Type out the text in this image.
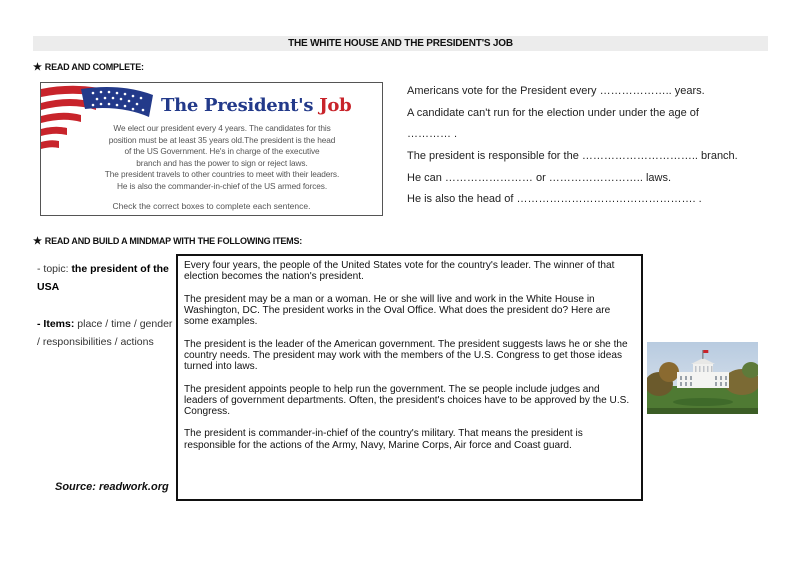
THE WHITE HOUSE AND THE PRESIDENT'S JOB
★ READ AND COMPLETE:
The President's Job
We elect our president every 4 years. The candidates for this
position must be at least 35 years old.The president is the head
of the US Government. He's in charge of the executive
branch and has the power to sign or reject laws.
The president travels to other countries to meet with their leaders.
He is also the commander-in-chief of the US armed forces.
Check the correct boxes to complete each sentence.
Americans vote for the President every ……………….. years.
A candidate can't run for the election under under the age of
………… .
The president is responsible for the ………………………….. branch.
He can …………………… or …………………….. laws.
He is also the head of …………………………………………. .
★ READ AND BUILD A MINDMAP WITH THE FOLLOWING ITEMS:
- topic: the president of the USA
- Items: place / time / gender / responsibilities / actions
Source: readwork.org

Every four years, the people of the United States vote for the country's leader. The winner of that election becomes the nation's president.

The president may be a man or a woman. He or she will live and work in the White House in Washington, DC. The president works in the Oval Office. What does the president do? Here are some examples.

The president is the leader of the American government. The president suggests laws he or she the country needs. The president may work with the members of the U.S. Congress to get those ideas turned into laws.

The president appoints people to help run the government. The se people include judges and leaders of government departments. Often, the president's choices have to be approved by the U.S. Congress.

The president is commander-in-chief of the country's military. That means the president is responsible for the actions of the Army, Navy, Marine Corps, Air force and Coast guard.
